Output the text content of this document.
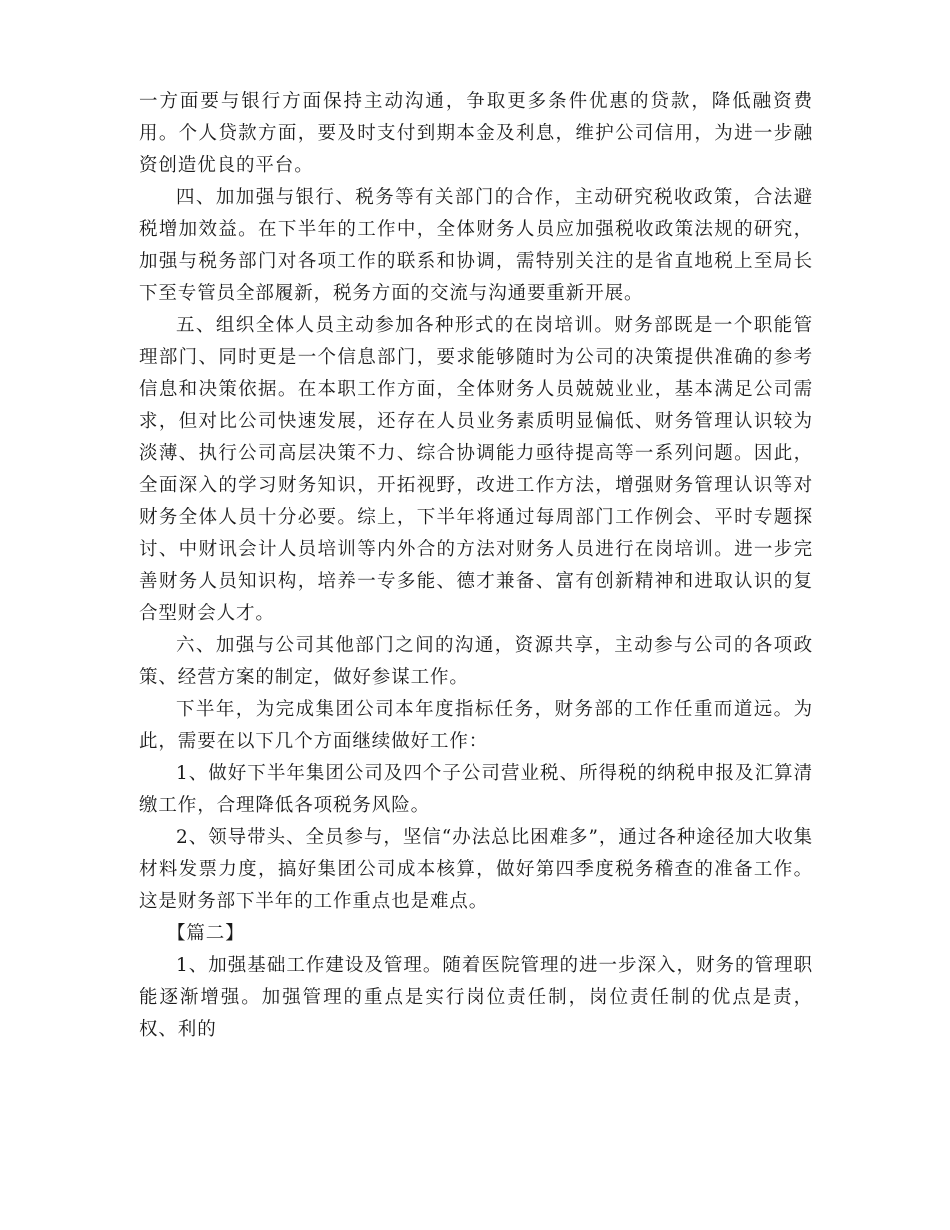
一方面要与银行方面保持主动沟通，争取更多条件优惠的贷款，降低融资费用。个人贷款方面，要及时支付到期本金及利息，维护公司信用，为进一步融资创造优良的平台。

四、加加强与银行、税务等有关部门的合作，主动研究税收政策，合法避税增加效益。在下半年的工作中，全体财务人员应加强税收政策法规的研究，加强与税务部门对各项工作的联系和协调，需特别关注的是省直地税上至局长下至专管员全部履新，税务方面的交流与沟通要重新开展。

五、组织全体人员主动参加各种形式的在岗培训。财务部既是一个职能管理部门、同时更是一个信息部门，要求能够随时为公司的决策提供准确的参考信息和决策依据。在本职工作方面，全体财务人员兢兢业业，基本满足公司需求，但对比公司快速发展，还存在人员业务素质明显偏低、财务管理认识较为淡薄、执行公司高层决策不力、综合协调能力亟待提高等一系列问题。因此，全面深入的学习财务知识，开拓视野，改进工作方法，增强财务管理认识等对财务全体人员十分必要。综上，下半年将通过每周部门工作例会、平时专题探讨、中财讯会计人员培训等内外合的方法对财务人员进行在岗培训。进一步完善财务人员知识构，培养一专多能、德才兼备、富有创新精神和进取认识的复合型财会人才。

六、加强与公司其他部门之间的沟通，资源共享，主动参与公司的各项政策、经营方案的制定，做好参谋工作。

下半年，为完成集团公司本年度指标任务，财务部的工作任重而道远。为此，需要在以下几个方面继续做好工作：

1、做好下半年集团公司及四个子公司营业税、所得税的纳税申报及汇算清缴工作，合理降低各项税务风险。

2、领导带头、全员参与，坚信“办法总比困难多”，通过各种途径加大收集材料发票力度，搞好集团公司成本核算，做好第四季度税务稽查的准备工作。这是财务部下半年的工作重点也是难点。

【篇二】

1、加强基础工作建设及管理。随着医院管理的进一步深入，财务的管理职能逐渐增强。加强管理的重点是实行岗位责任制，岗位责任制的优点是责，权、利的
